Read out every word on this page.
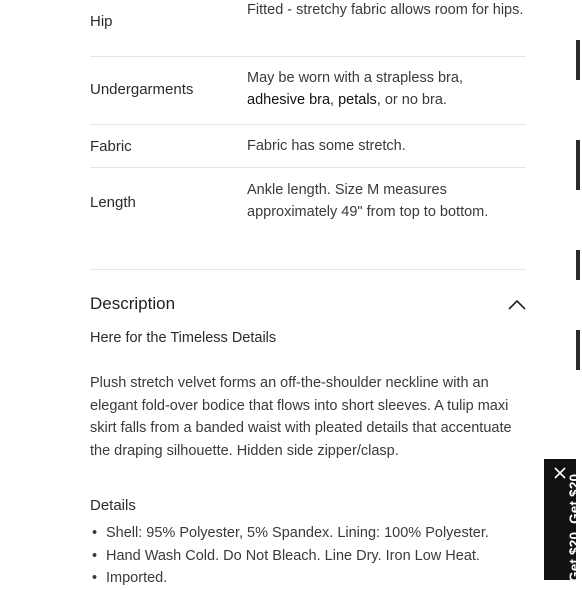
Hip
Fitted - stretchy fabric allows room for hips.
Undergarments
May be worn with a strapless bra,
adhesive bra, petals, or no bra.
Fabric	Fabric has some stretch.
Length
Ankle length. Size M measures approximately 49" from top to bottom.
Description
Here for the Timeless Details
Plush stretch velvet forms an off-the-shoulder neckline with an elegant fold-over bodice that flows into short sleeves. A tulip maxi skirt falls from a banded waist with pleated details that accentuate the draping silhouette. Hidden side zipper/clasp.
Details
• Shell: 95% Polyester, 5% Spandex. Lining: 100% Polyester.
• Hand Wash Cold. Do Not Bleach. Line Dry. Iron Low Heat.
• Imported.	Get $20. Get $20
